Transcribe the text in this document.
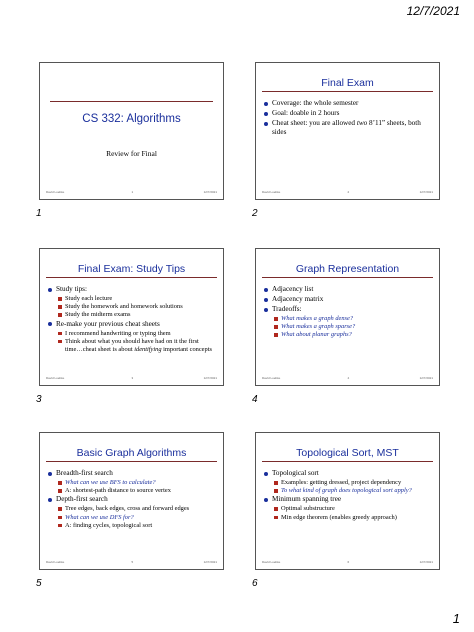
12/7/2021
CS 332: Algorithms
Review for Final
David Luebke	1	12/7/2021
1
Final Exam
Coverage: the whole semester
Goal: doable in 2 hours
Cheat sheet: you are allowed two 8’11” sheets, both sides
David Luebke	2	12/7/2021
2
Final Exam: Study Tips
Study tips:
Study each lecture
Study the homework and homework solutions
Study the midterm exams
Re-make your previous cheat sheets
I recommend handwriting or typing them
Think about what you should have had on it the first time…cheat sheet is about identifying important concepts
David Luebke	3	12/7/2021
3
Graph Representation
Adjacency list
Adjacency matrix
Tradeoffs:
What makes a graph dense?
What makes a graph sparse?
What about planar graphs?
David Luebke	4	12/7/2021
4
Basic Graph Algorithms
Breadth-first search
What can we use BFS to calculate?
A: shortest-path distance to source vertex
Depth-first search
Tree edges, back edges, cross and forward edges
What can we use DFS for?
A: finding cycles, topological sort
David Luebke	5	12/7/2021
5
Topological Sort, MST
Topological sort
Examples: getting dressed, project dependency
To what kind of graph does topological sort apply?
Minimum spanning tree
Optimal substructure
Min edge theorem (enables greedy approach)
David Luebke	6	12/7/2021
6
1
